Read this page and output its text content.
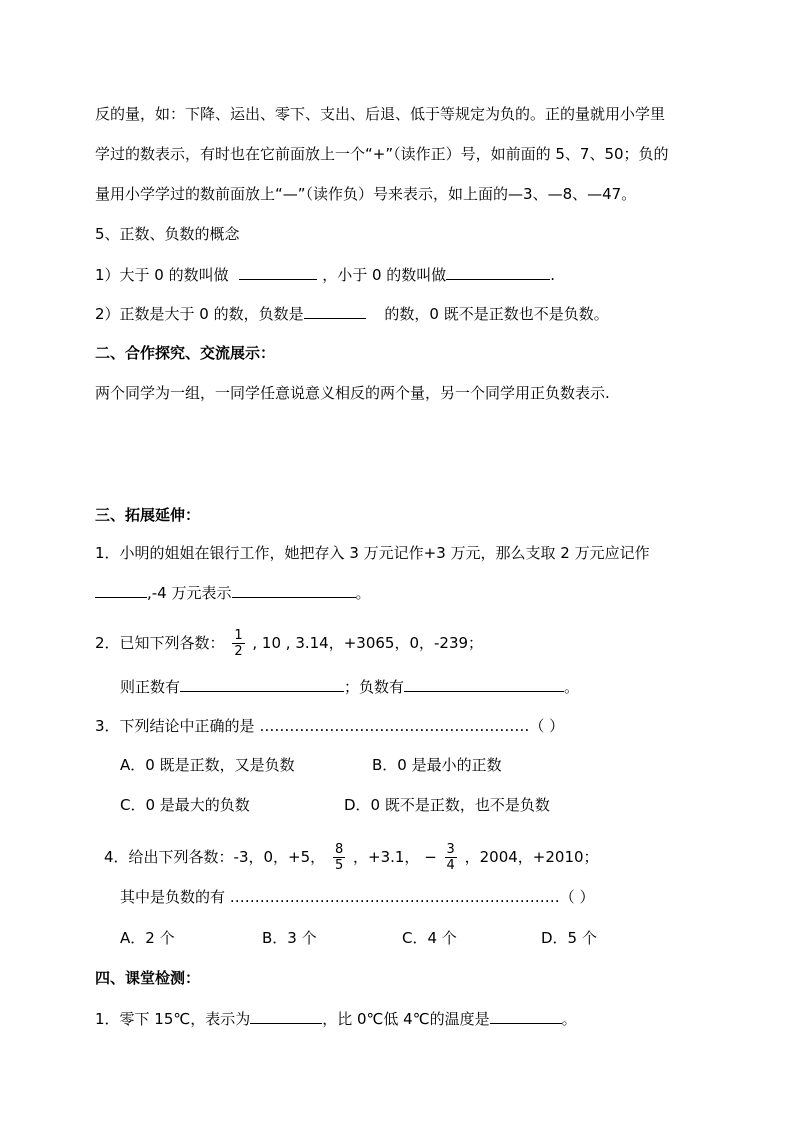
反的量，如：下降、运出、零下、支出、后退、低于等规定为负的。正的量就用小学里
学过的数表示，有时也在它前面放上一个“+”（读作正）号，如前面的 5、7、50；负的
量用小学学过的数前面放上“—”（读作负）号来表示，如上面的—3、—8、—47。
5、正数、负数的概念
1）大于 0 的数叫做	，小于 0 的数叫做	.
2）正数是大于 0 的数，负数是	的数，0 既不是正数也不是负数。
二、合作探究、交流展示：
两个同学为一组，一同学任意说意义相反的两个量，另一个同学用正负数表示.
三、拓展延伸：
1．小明的姐姐在银行工作，她把存入 3 万元记作+3 万元，那么支取 2 万元应记作
,-4 万元表示	。
2．已知下列各数： $\frac{1}{2}$ , 10 , 3.14，+3065，0，-239；
则正数有	；负数有	。
3．下列结论中正确的是 ………………………………………………（ ）
A．0 既是正数，又是负数	B．0 是最小的正数
C．0 是最大的负数	D．0 既不是正数，也不是负数
4．给出下列各数：-3，0，+5， $\frac{8}{5}$ ，+3.1， − $\frac{3}{4}$ ，2004，+2010；
其中是负数的有 …………………………………………………………（ ）
A．2 个	B．3 个	C．4 个	D．5 个
四、课堂检测：
1．零下 15℃，表示为	，比 0℃低 4℃的温度是	。
